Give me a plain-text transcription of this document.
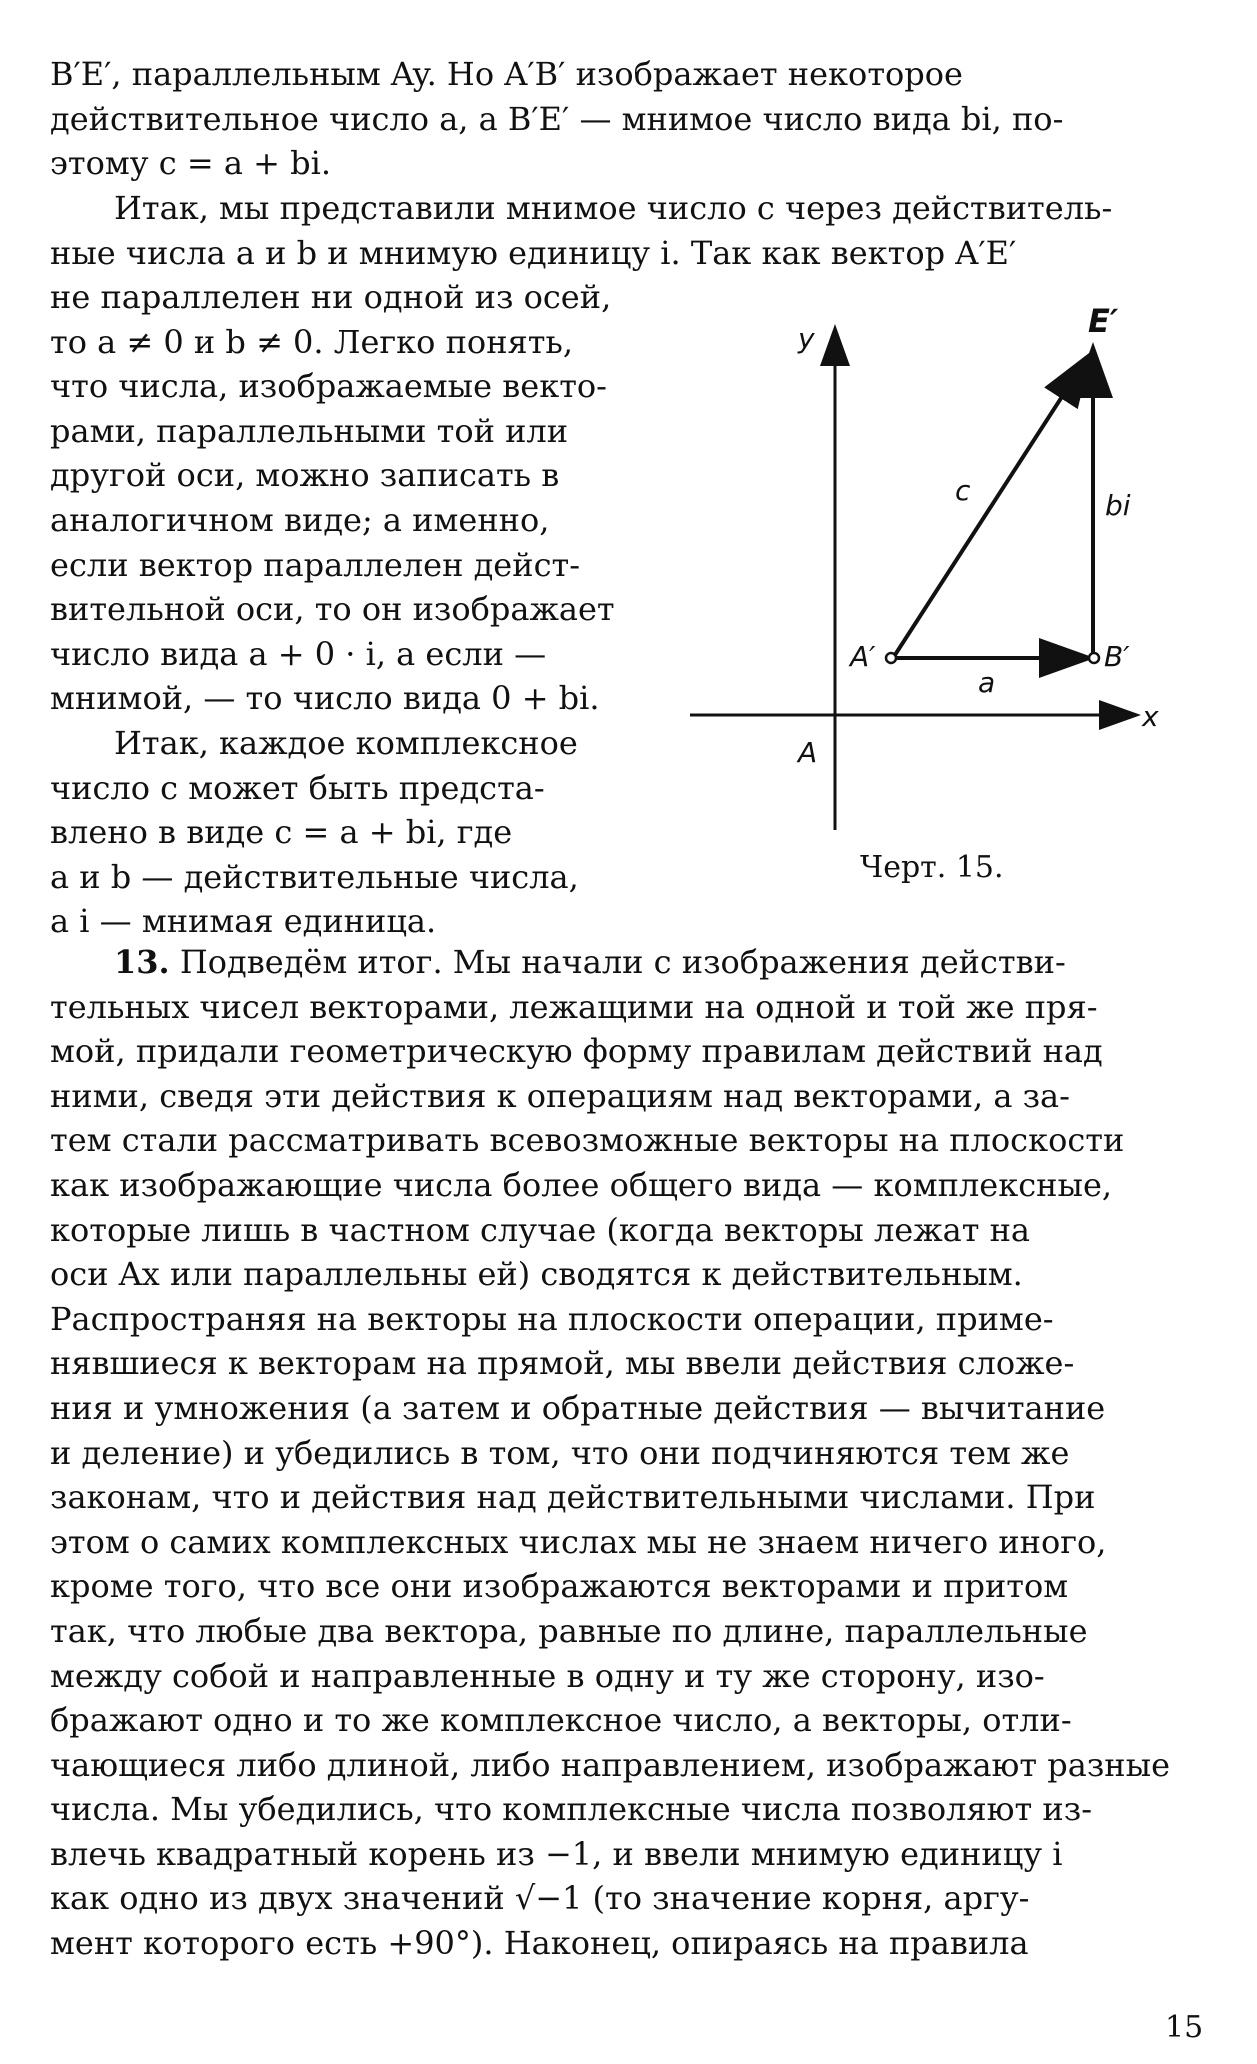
B′E′, параллельным Ay. Но A′B′ изображает некоторое
действительное число a, а B′E′ — мнимое число вида bi, по-
этому c = a + bi.
Итак, мы представили мнимое число c через действитель-
ные числа a и b и мнимую единицу i. Так как вектор A′E′
не параллелен ни одной из осей,
то a ≠ 0 и b ≠ 0. Легко понять,
что числа, изображаемые векто-
рами, параллельными той или
другой оси, можно записать в
аналогичном виде; а именно,
если вектор параллелен дейст-
вительной оси, то он изображает
число вида a + 0 · i, а если —
мнимой, — то число вида 0 + bi.
Итак, каждое комплексное
число c может быть предста-
влено в виде c = a + bi, где
a и b — действительные числа,
a i — мнимая единица.
y
x
A
A′	B′
E′
c	bi
a
Черт. 15.
13. Подведём итог. Мы начали с изображения действи-
тельных чисел векторами, лежащими на одной и той же пря-
мой, придали геометрическую форму правилам действий над
ними, сведя эти действия к операциям над векторами, а за-
тем стали рассматривать всевозможные векторы на плоскости
как изображающие числа более общего вида — комплексные,
которые лишь в частном случае (когда векторы лежат на
оси Ax или параллельны ей) сводятся к действительным.
Распространяя на векторы на плоскости операции, приме-
нявшиеся к векторам на прямой, мы ввели действия сложе-
ния и умножения (а затем и обратные действия — вычитание
и деление) и убедились в том, что они подчиняются тем же
законам, что и действия над действительными числами. При
этом о самих комплексных числах мы не знаем ничего иного,
кроме того, что все они изображаются векторами и притом
так, что любые два вектора, равные по длине, параллельные
между собой и направленные в одну и ту же сторону, изо-
бражают одно и то же комплексное число, а векторы, отли-
чающиеся либо длиной, либо направлением, изображают разные
числа. Мы убедились, что комплексные числа позволяют из-
влечь квадратный корень из −1, и ввели мнимую единицу i
как одно из двух значений √−1 (то значение корня, аргу-
мент которого есть +90°). Наконец, опираясь на правила
15
